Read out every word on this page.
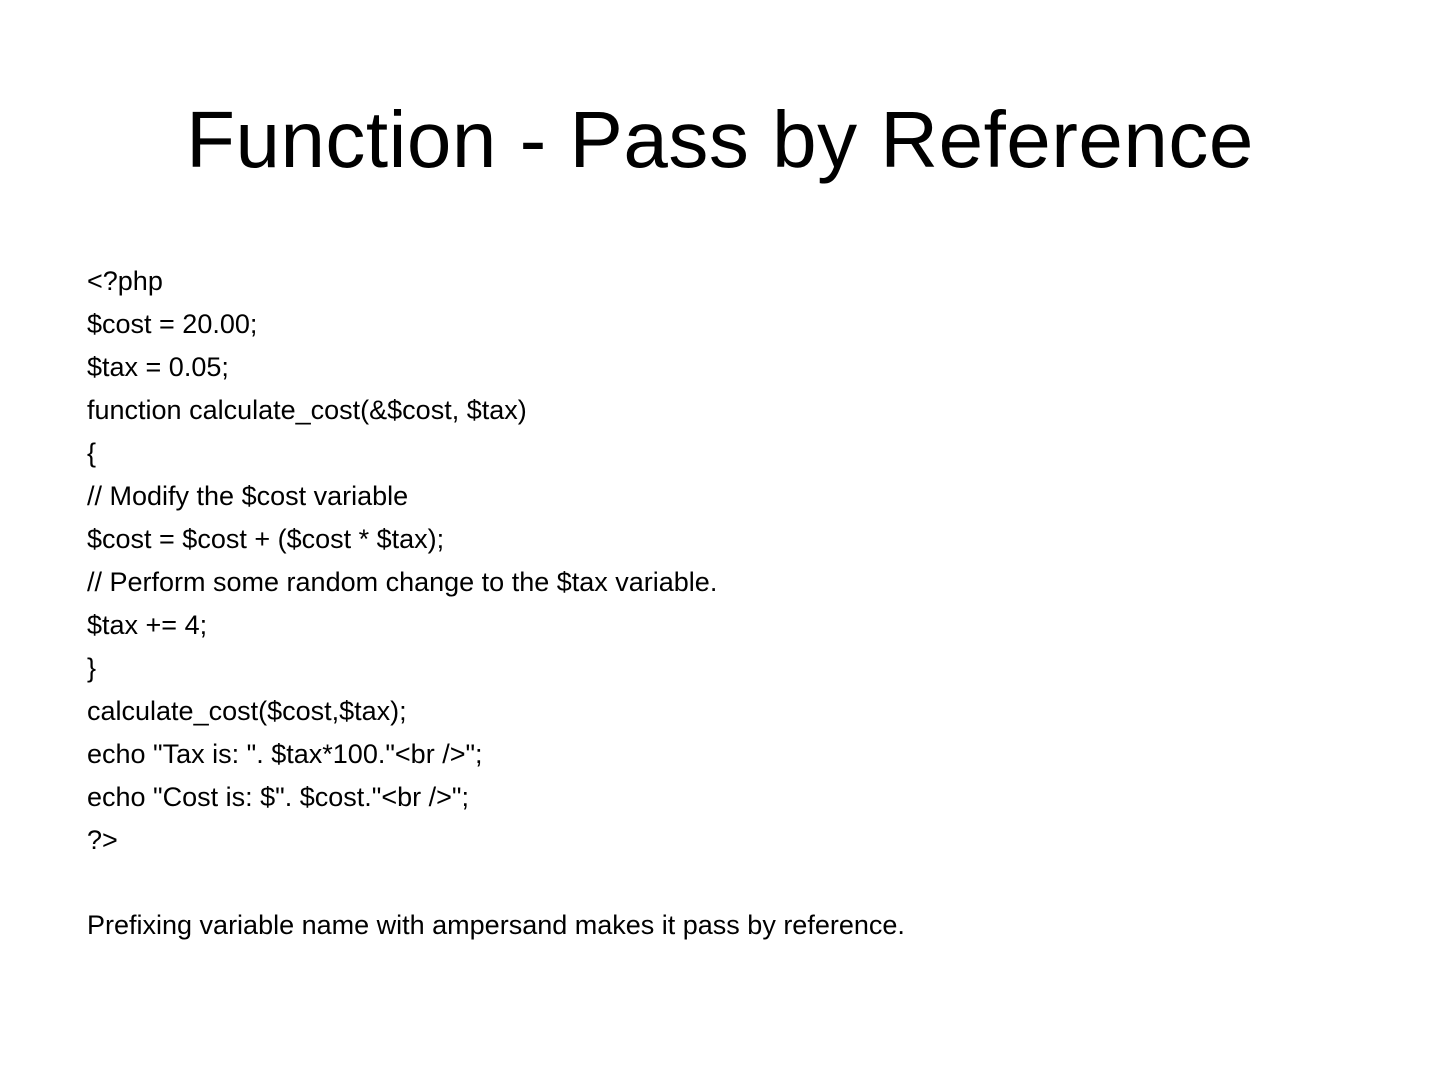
Function - Pass by Reference
<?php
$cost = 20.00;
$tax = 0.05;
function calculate_cost(&$cost, $tax)
{
// Modify the $cost variable
$cost = $cost + ($cost * $tax);
// Perform some random change to the $tax variable.
$tax += 4;
}
calculate_cost($cost,$tax);
echo "Tax is: ". $tax*100."<br />";
echo "Cost is: $". $cost."<br />";
?>

Prefixing variable name with ampersand makes it pass by reference.
